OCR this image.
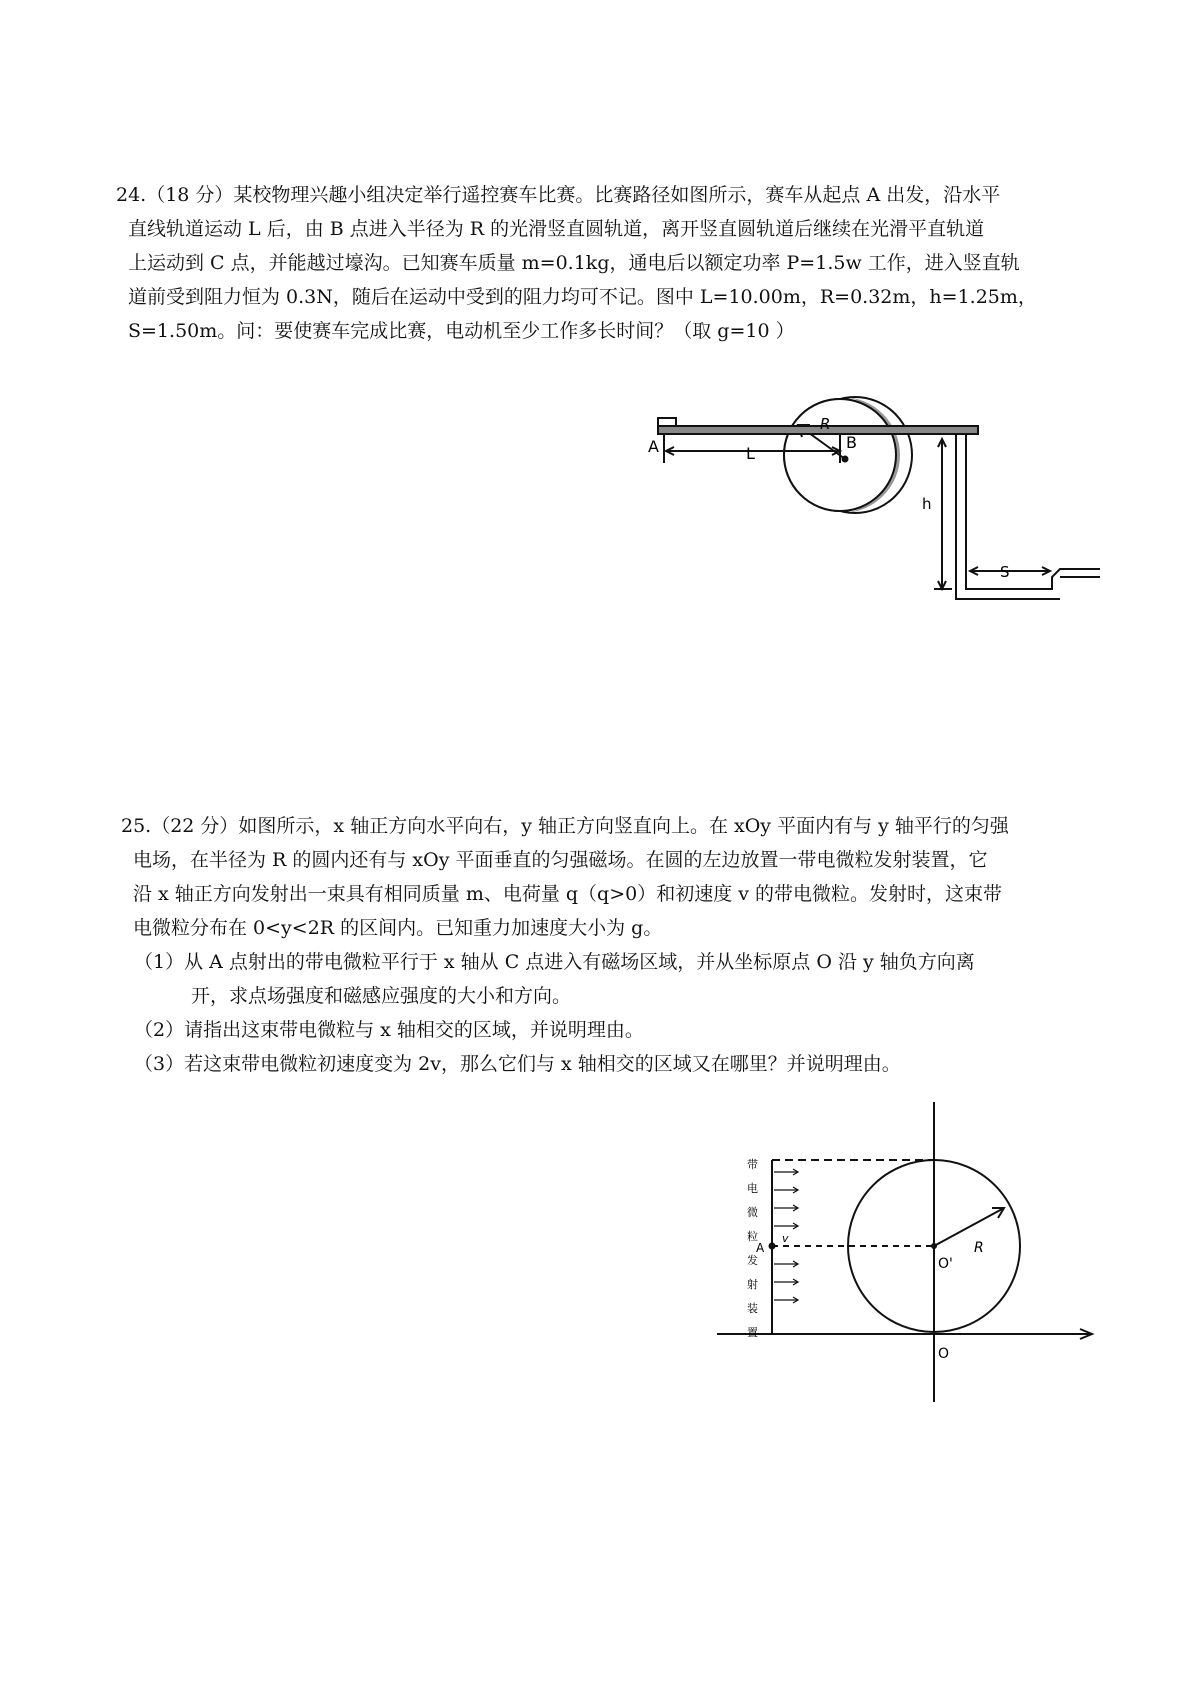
24.（18 分）某校物理兴趣小组决定举行遥控赛车比赛。比赛路径如图所示，赛车从起点 A 出发，沿水平
直线轨道运动 L 后，由 B 点进入半径为 R 的光滑竖直圆轨道，离开竖直圆轨道后继续在光滑平直轨道
上运动到 C 点，并能越过壕沟。已知赛车质量 m=0.1kg，通电后以额定功率 P=1.5w 工作，进入竖直轨
道前受到阻力恒为 0.3N，随后在运动中受到的阻力均可不记。图中 L=10.00m，R=0.32m，h=1.25m，
S=1.50m。问：要使赛车完成比赛，电动机至少工作多长时间？（取 g=10 ）
A	B
L
R
h
S
25.（22 分）如图所示，x 轴正方向水平向右，y 轴正方向竖直向上。在 xOy 平面内有与 y 轴平行的匀强
电场，在半径为 R 的圆内还有与 xOy 平面垂直的匀强磁场。在圆的左边放置一带电微粒发射装置，它
沿 x 轴正方向发射出一束具有相同质量 m、电荷量 q（q>0）和初速度 v 的带电微粒。发射时，这束带
电微粒分布在 0<y<2R 的区间内。已知重力加速度大小为 g。
（1）从 A 点射出的带电微粒平行于 x 轴从 C 点进入有磁场区域，并从坐标原点 O 沿 y 轴负方向离
开，求点场强度和磁感应强度的大小和方向。
（2）请指出这束带电微粒与 x 轴相交的区域，并说明理由。
（3）若这束带电微粒初速度变为 2v，那么它们与 x 轴相交的区域又在哪里？并说明理由。
带
电
微
粒
发
射
装
置
A
v
O'
R
O
